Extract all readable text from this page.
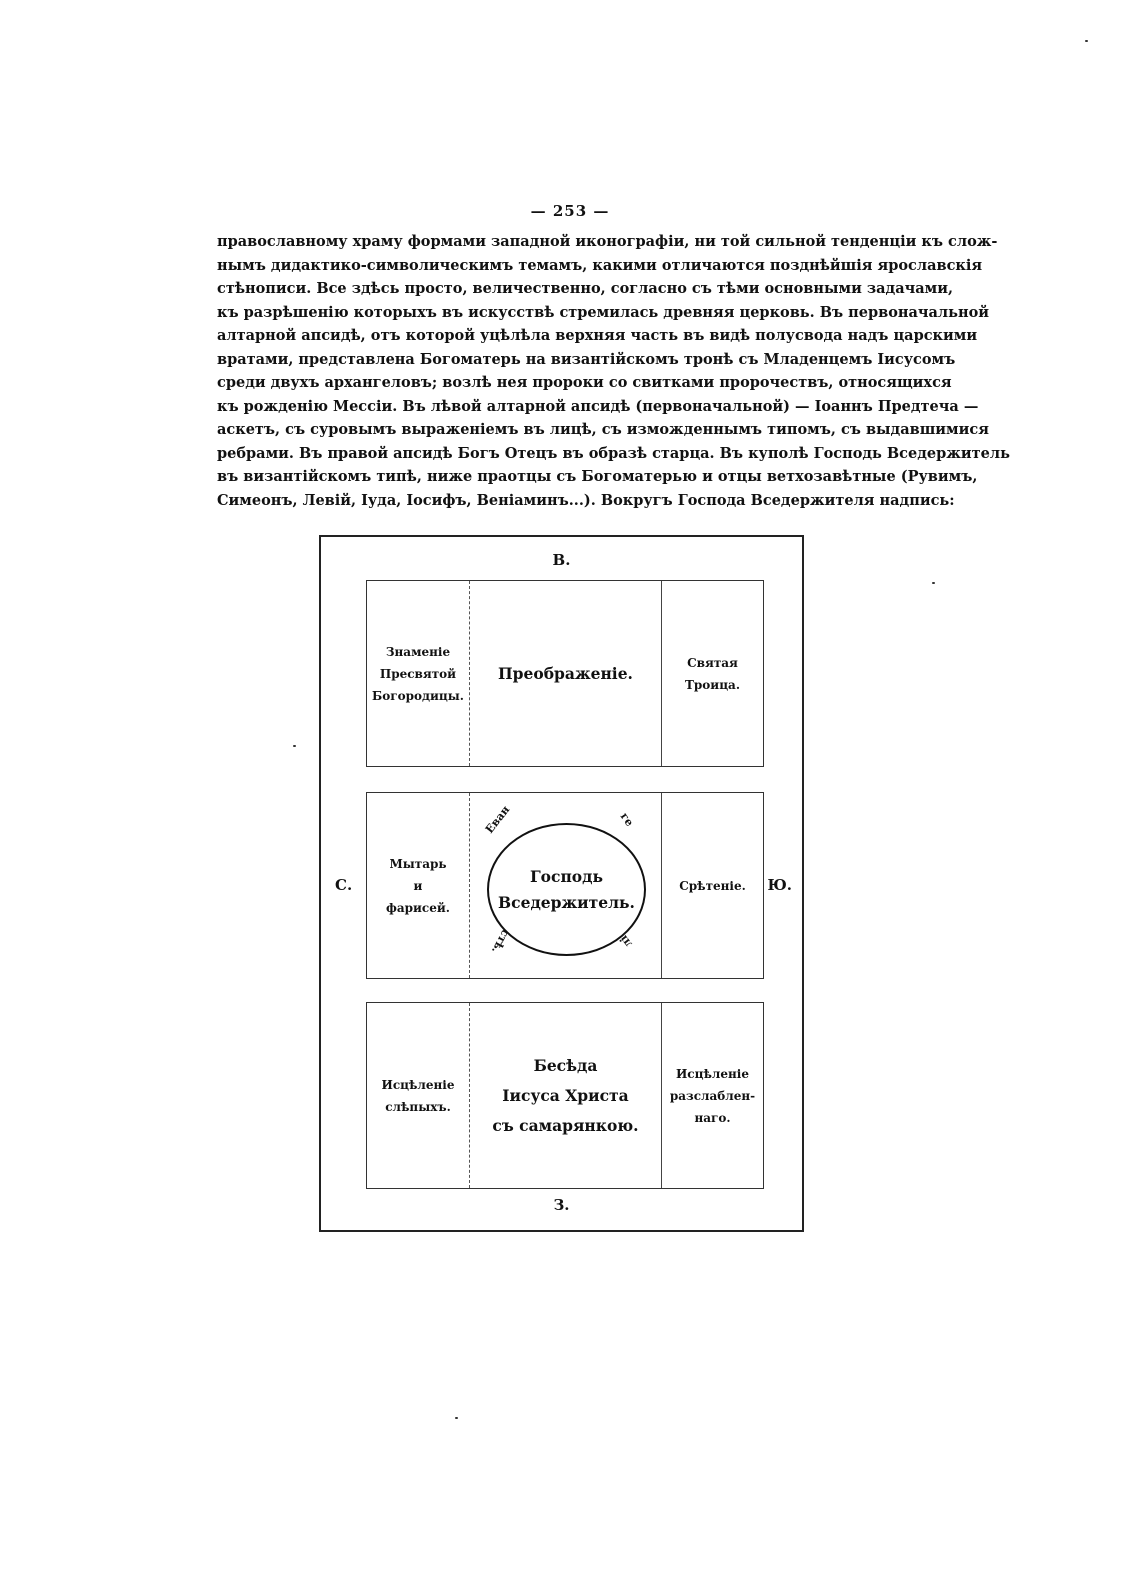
— 253 —
православному храму формами западной иконографіи, ни той сильной тенденціи къ слож-
нымъ дидактико-символическимъ темамъ, какими отличаются позднѣйшія ярославскія
стѣнописи. Все здѣсь просто, величественно, согласно съ тѣми основными задачами,
къ разрѣшенію которыхъ въ искусствѣ стремилась древняя церковь. Въ первоначальной
алтарной апсидѣ, отъ которой уцѣлѣла верхняя часть въ видѣ полусвода надъ царскими
вратами, представлена Богоматерь на византійскомъ тронѣ съ Младенцемъ Іисусомъ
среди двухъ архангеловъ; возлѣ нея пророки со свитками пророчествъ, относящихся
къ рожденію Мессіи. Въ лѣвой алтарной апсидѣ (первоначальной) — Іоаннъ Предтеча —
аскетъ, съ суровымъ выраженіемъ въ лицѣ, съ изможденнымъ типомъ, съ выдавшимися
ребрами. Въ правой апсидѣ Богъ Отецъ въ образѣ старца. Въ куполѣ Господь Вседержитель
въ византійскомъ типѣ, ниже праотцы съ Богоматерью и отцы ветхозавѣтные (Рувимъ,
Симеонъ, Левій, Іуда, Іосифъ, Веніаминъ...). Вокругъ Господа Вседержителя надпись:
В.
З.
С.	Ю.
Знаменіе
Пресвятой
Богородицы.
Преображеніе.
Святая
Троица.
Мытарь
и
фарисей.
Господь
Вседержитель.
Еван	ге
лі
стѣ.
Срѣтеніе.
Исцѣленіе
слѣпыхъ.
Бесѣда
Іисуса Христа
съ самарянкою.
Исцѣленіе
разслаблен-
наго.
